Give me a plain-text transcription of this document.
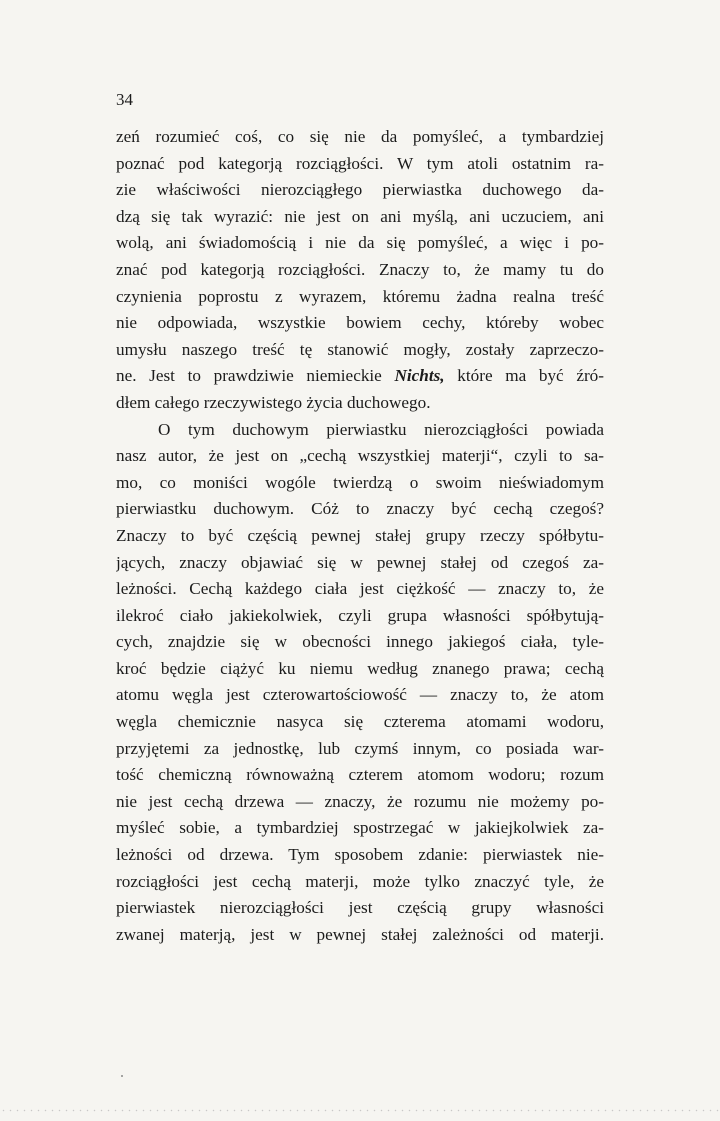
34
zeń rozumieć coś, co się nie da pomyśleć, a tymbardziej
poznać pod kategorją rozciągłości. W tym atoli ostatnim ra-
zie właściwości nierozciągłego pierwiastka duchowego da-
dzą się tak wyrazić: nie jest on ani myślą, ani uczuciem, ani
wolą, ani świadomością i nie da się pomyśleć, a więc i po-
znać pod kategorją rozciągłości. Znaczy to, że mamy tu do
czynienia poprostu z wyrazem, któremu żadna realna treść
nie odpowiada, wszystkie bowiem cechy, któreby wobec
umysłu naszego treść tę stanowić mogły, zostały zaprzeczo-
ne. Jest to prawdziwie niemieckie Nichts, które ma być źró-
dłem całego rzeczywistego życia duchowego.
O tym duchowym pierwiastku nierozciągłości powiada
nasz autor, że jest on „cechą wszystkiej materji“, czyli to sa-
mo, co moniści wogóle twierdzą o swoim nieświadomym
pierwiastku duchowym. Cóż to znaczy być cechą czegoś?
Znaczy to być częścią pewnej stałej grupy rzeczy spółbytu-
jących, znaczy objawiać się w pewnej stałej od czegoś za-
leżności. Cechą każdego ciała jest ciężkość — znaczy to, że
ilekroć ciało jakiekolwiek, czyli grupa własności spółbytują-
cych, znajdzie się w obecności innego jakiegoś ciała, tyle-
kroć będzie ciążyć ku niemu według znanego prawa; cechą
atomu węgla jest czterowartościowość — znaczy to, że atom
węgla chemicznie nasyca się czterema atomami wodoru,
przyjętemi za jednostkę, lub czymś innym, co posiada war-
tość chemiczną równoważną czterem atomom wodoru; rozum
nie jest cechą drzewa — znaczy, że rozumu nie możemy po-
myśleć sobie, a tymbardziej spostrzegać w jakiejkolwiek za-
leżności od drzewa. Tym sposobem zdanie: pierwiastek nie-
rozciągłości jest cechą materji, może tylko znaczyć tyle, że
pierwiastek nierozciągłości jest częścią grupy własności
zwanej materją, jest w pewnej stałej zależności od materji.
